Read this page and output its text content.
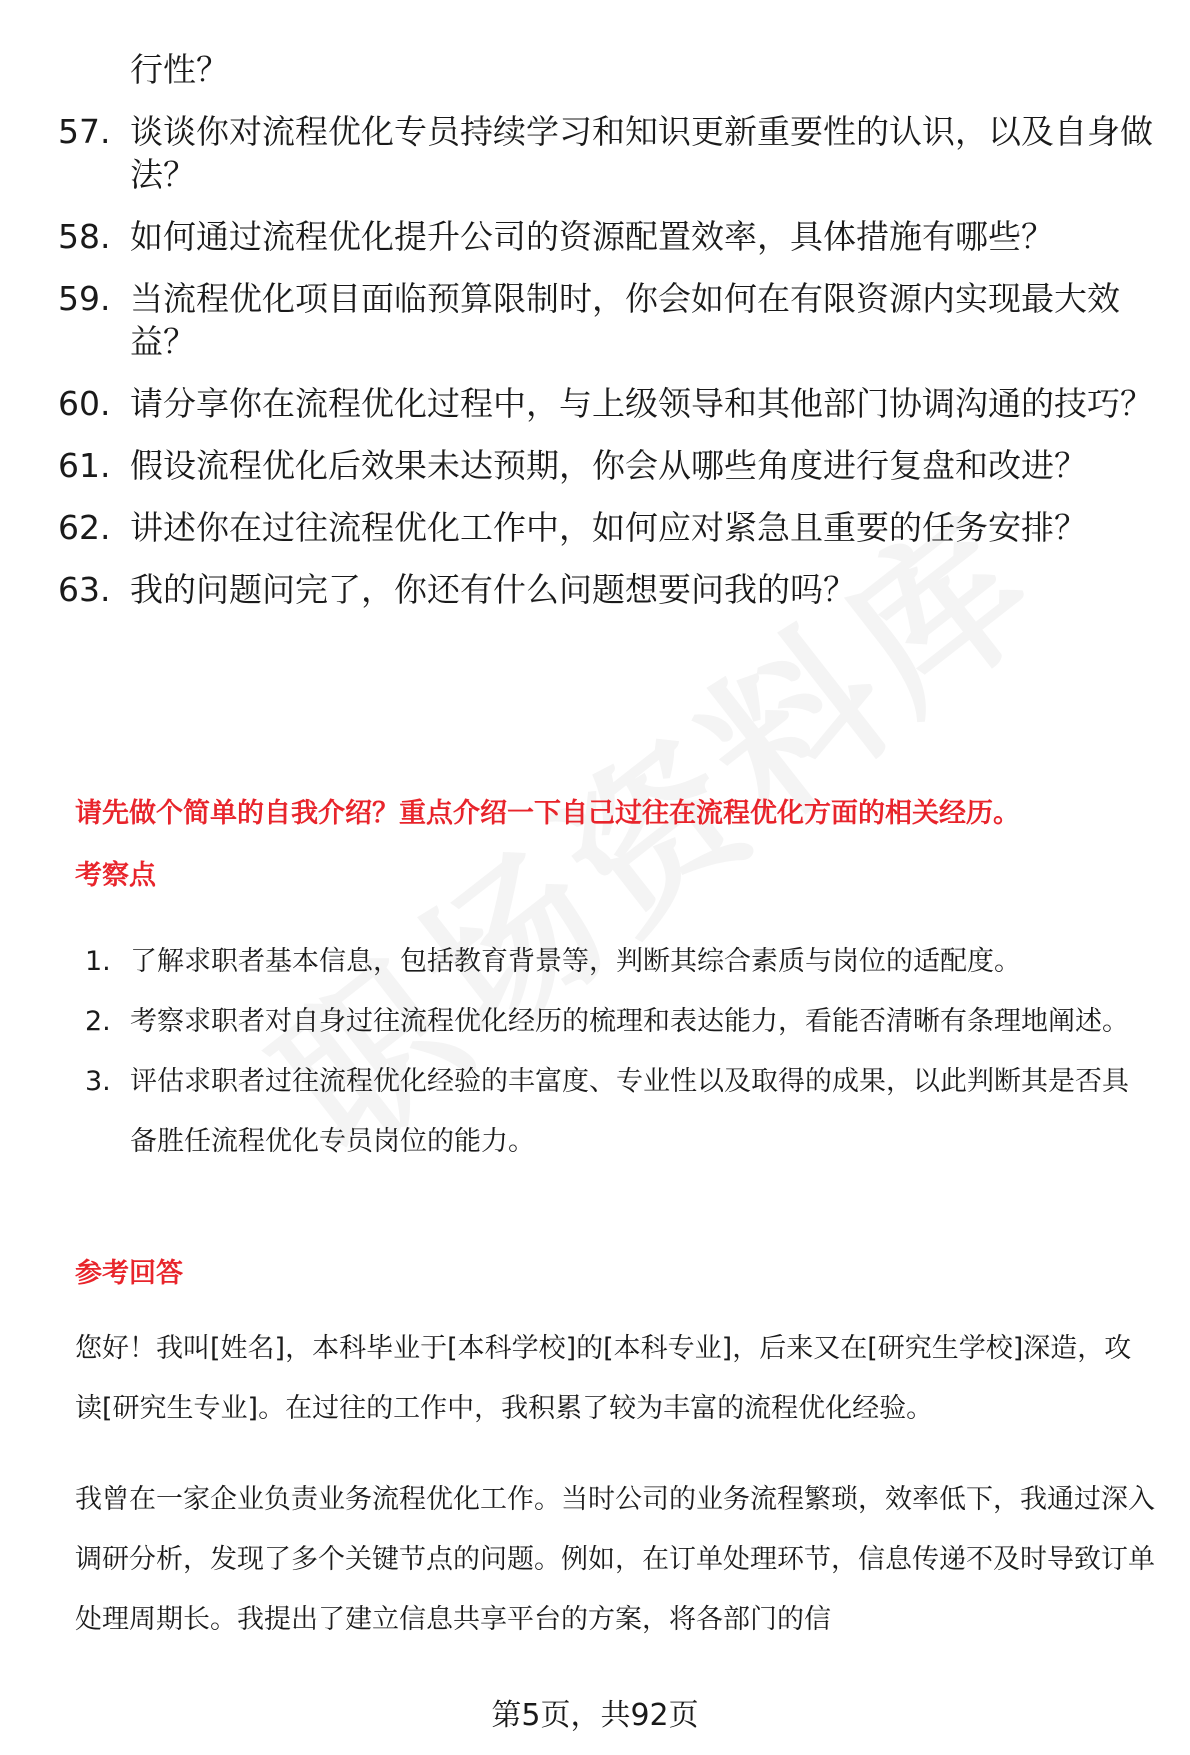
行性？
57. 谈谈你对流程优化专员持续学习和知识更新重要性的认识，以及自身做法？
58. 如何通过流程优化提升公司的资源配置效率，具体措施有哪些？
59. 当流程优化项目面临预算限制时，你会如何在有限资源内实现最大效益？
60. 请分享你在流程优化过程中，与上级领导和其他部门协调沟通的技巧？
61. 假设流程优化后效果未达预期，你会从哪些角度进行复盘和改进？
62. 讲述你在过往流程优化工作中，如何应对紧急且重要的任务安排？
63. 我的问题问完了，你还有什么问题想要问我的吗？
请先做个简单的自我介绍？重点介绍一下自己过往在流程优化方面的相关经历。
考察点
1. 了解求职者基本信息，包括教育背景等，判断其综合素质与岗位的适配度。
2. 考察求职者对自身过往流程优化经历的梳理和表达能力，看能否清晰有条理地阐述。
3. 评估求职者过往流程优化经验的丰富度、专业性以及取得的成果，以此判断其是否具备胜任流程优化专员岗位的能力。
参考回答
您好！我叫[姓名]，本科毕业于[本科学校]的[本科专业]，后来又在[研究生学校]深造，攻读[研究生专业]。在过往的工作中，我积累了较为丰富的流程优化经验。
我曾在一家企业负责业务流程优化工作。当时公司的业务流程繁琐，效率低下，我通过深入调研分析，发现了多个关键节点的问题。例如，在订单处理环节，信息传递不及时导致订单处理周期长。我提出了建立信息共享平台的方案，将各部门的信
第5页，共92页
